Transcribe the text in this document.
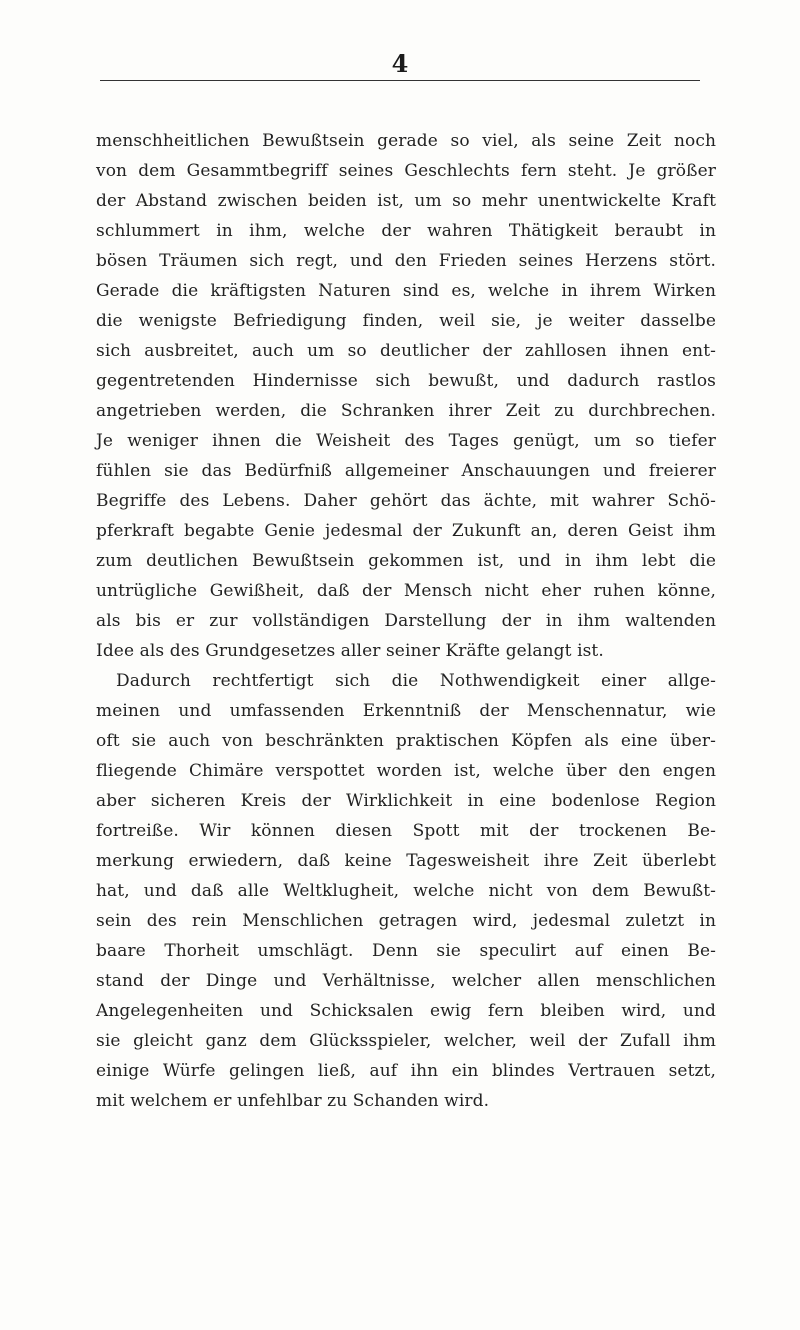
4
menschheitlichen Bewußtsein gerade so viel, als seine Zeit noch
von dem Gesammtbegriff seines Geschlechts fern steht. Je größer
der Abstand zwischen beiden ist, um so mehr unentwickelte Kraft
schlummert in ihm, welche der wahren Thätigkeit beraubt in
bösen Träumen sich regt, und den Frieden seines Herzens stört.
Gerade die kräftigsten Naturen sind es, welche in ihrem Wirken
die wenigste Befriedigung finden, weil sie, je weiter dasselbe
sich ausbreitet, auch um so deutlicher der zahllosen ihnen ent-
gegentretenden Hindernisse sich bewußt, und dadurch rastlos
angetrieben werden, die Schranken ihrer Zeit zu durchbrechen.
Je weniger ihnen die Weisheit des Tages genügt, um so tiefer
fühlen sie das Bedürfniß allgemeiner Anschauungen und freierer
Begriffe des Lebens. Daher gehört das ächte, mit wahrer Schö-
pferkraft begabte Genie jedesmal der Zukunft an, deren Geist ihm
zum deutlichen Bewußtsein gekommen ist, und in ihm lebt die
untrügliche Gewißheit, daß der Mensch nicht eher ruhen könne,
als bis er zur vollständigen Darstellung der in ihm waltenden
Idee als des Grundgesetzes aller seiner Kräfte gelangt ist.
Dadurch rechtfertigt sich die Nothwendigkeit einer allge-
meinen und umfassenden Erkenntniß der Menschennatur, wie
oft sie auch von beschränkten praktischen Köpfen als eine über-
fliegende Chimäre verspottet worden ist, welche über den engen
aber sicheren Kreis der Wirklichkeit in eine bodenlose Region
fortreiße. Wir können diesen Spott mit der trockenen Be-
merkung erwiedern, daß keine Tagesweisheit ihre Zeit überlebt
hat, und daß alle Weltklugheit, welche nicht von dem Bewußt-
sein des rein Menschlichen getragen wird, jedesmal zuletzt in
baare Thorheit umschlägt. Denn sie speculirt auf einen Be-
stand der Dinge und Verhältnisse, welcher allen menschlichen
Angelegenheiten und Schicksalen ewig fern bleiben wird, und
sie gleicht ganz dem Glücksspieler, welcher, weil der Zufall ihm
einige Würfe gelingen ließ, auf ihn ein blindes Vertrauen setzt,
mit welchem er unfehlbar zu Schanden wird.
